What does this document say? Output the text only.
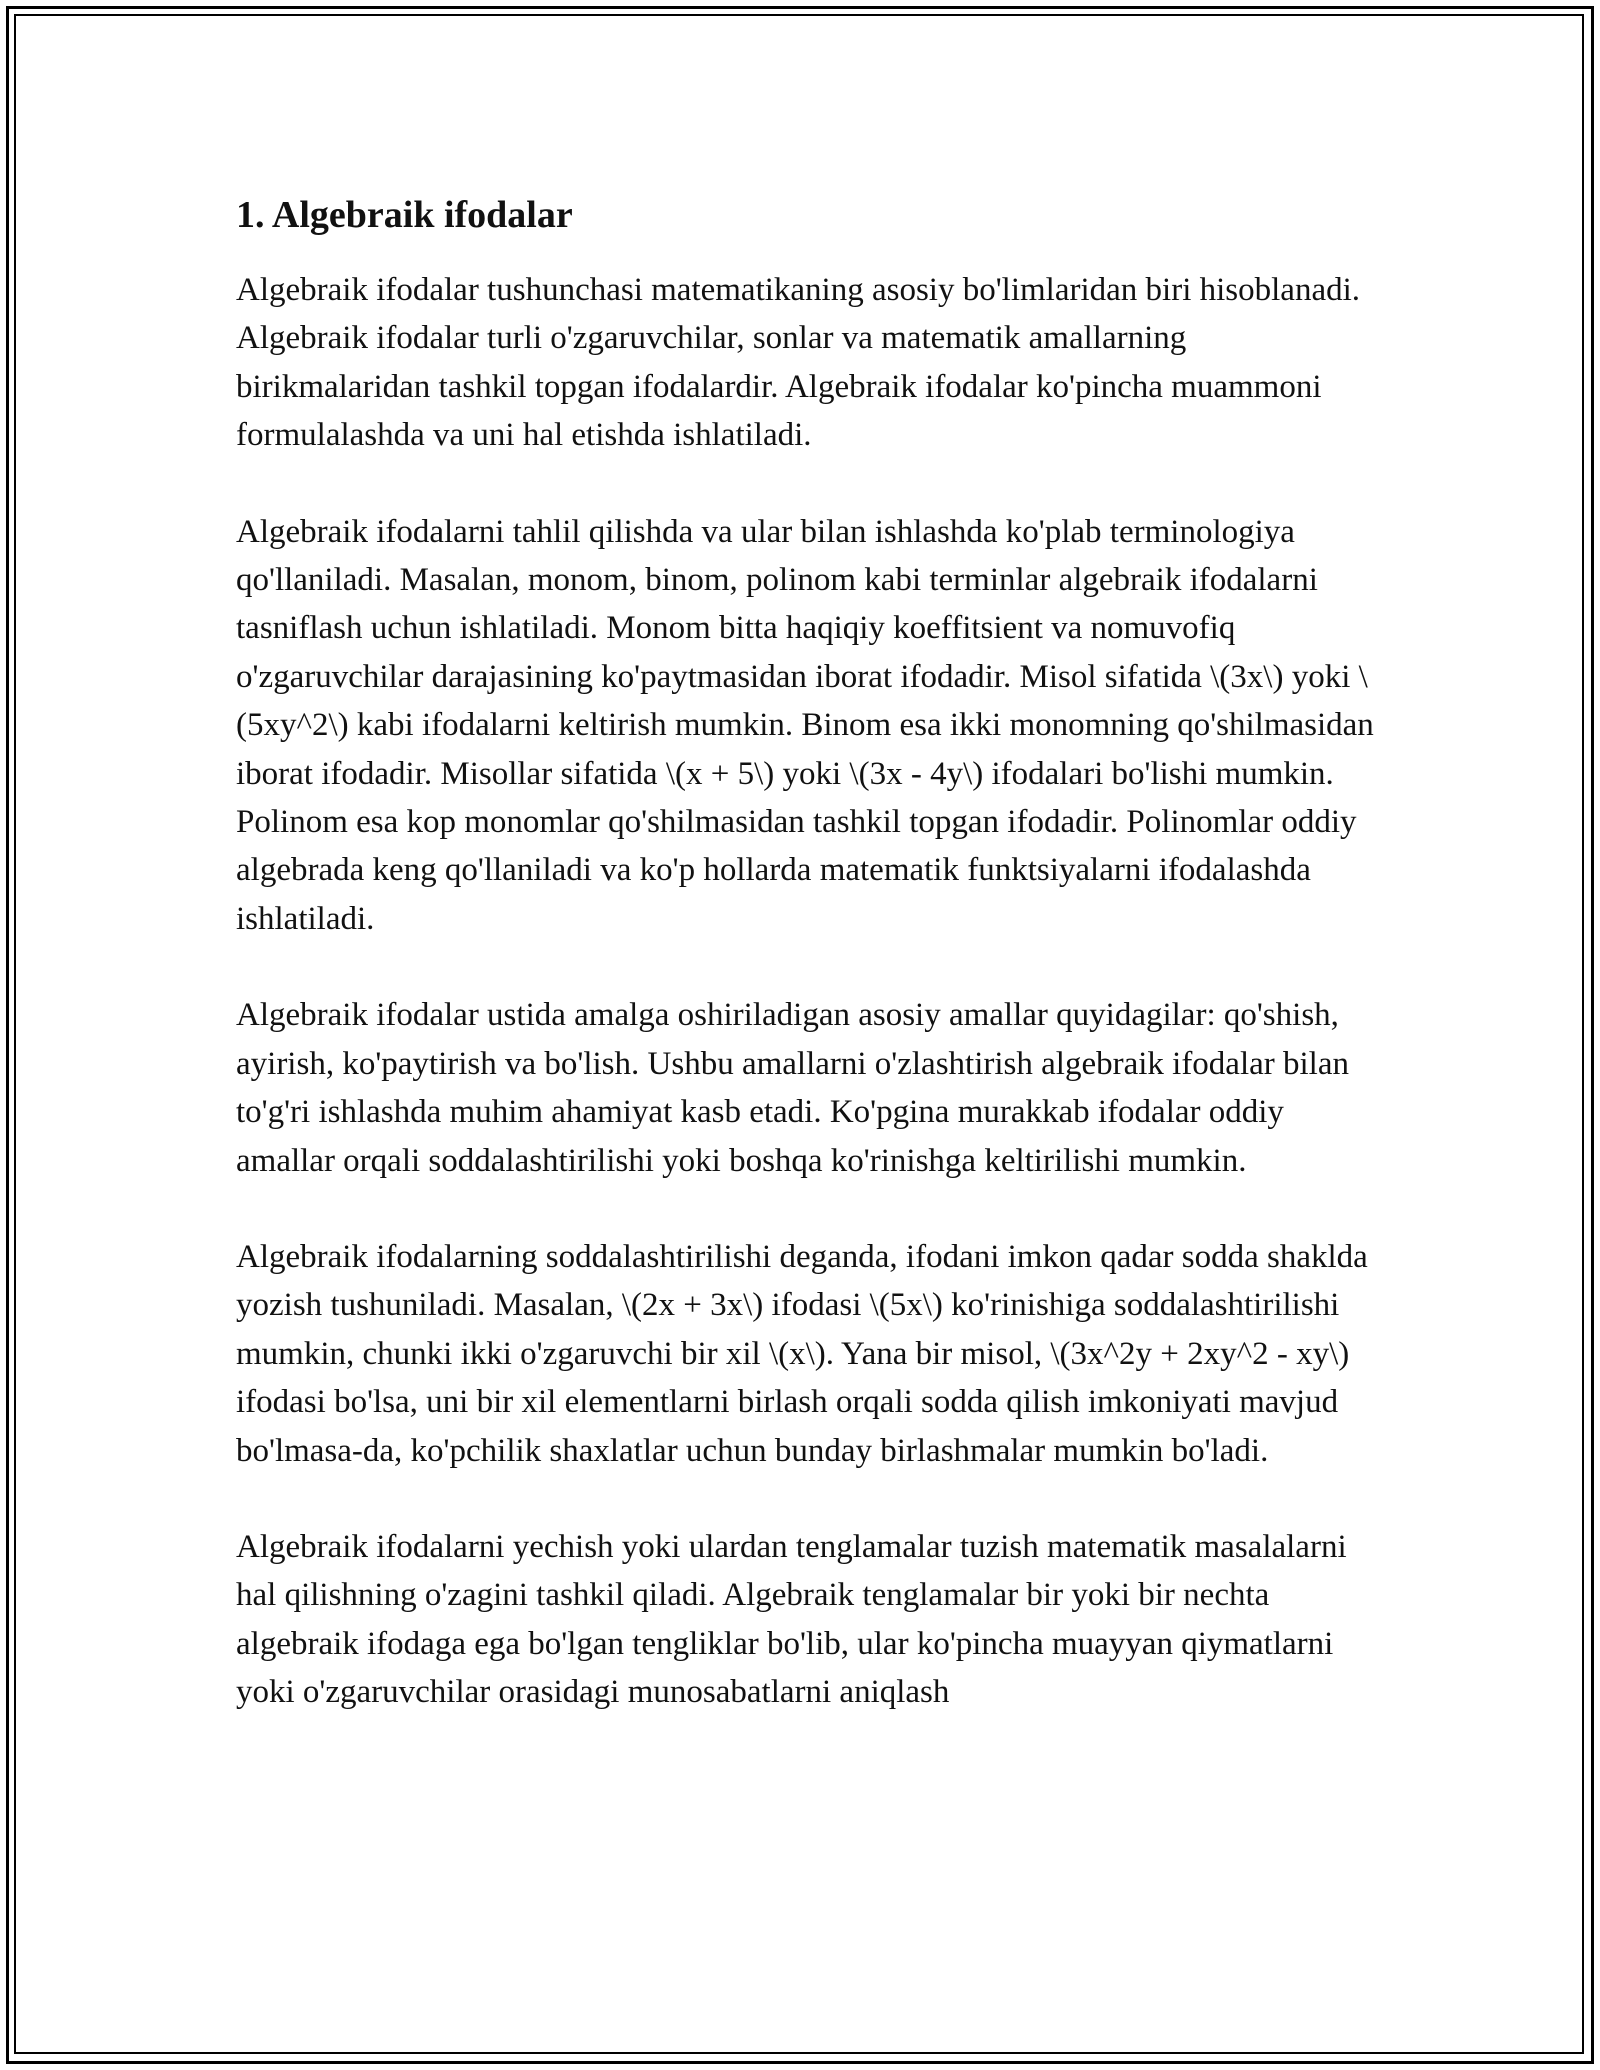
1. Algebraik ifodalar

Algebraik ifodalar tushunchasi matematikaning asosiy bo'limlaridan biri hisoblanadi. Algebraik ifodalar turli o'zgaruvchilar, sonlar va matematik amallarning birikmalaridan tashkil topgan ifodalardir. Algebraik ifodalar ko'pincha muammoni formulalashda va uni hal etishda ishlatiladi.

Algebraik ifodalarni tahlil qilishda va ular bilan ishlashda ko'plab terminologiya qo'llaniladi. Masalan, monom, binom, polinom kabi terminlar algebraik ifodalarni tasniflash uchun ishlatiladi. Monom bitta haqiqiy koeffitsient va nomuvofiq o'zgaruvchilar darajasining ko'paytmasidan iborat ifodadir. Misol sifatida \(3x\) yoki \(5xy^2\) kabi ifodalarni keltirish mumkin. Binom esa ikki monomning qo'shilmasidan iborat ifodadir. Misollar sifatida \(x + 5\) yoki \(3x - 4y\) ifodalari bo'lishi mumkin. Polinom esa kop monomlar qo'shilmasidan tashkil topgan ifodadir. Polinomlar oddiy algebrada keng qo'llaniladi va ko'p hollarda matematik funktsiyalarni ifodalashda ishlatiladi.

Algebraik ifodalar ustida amalga oshiriladigan asosiy amallar quyidagilar: qo'shish, ayirish, ko'paytirish va bo'lish. Ushbu amallarni o'zlashtirish algebraik ifodalar bilan to'g'ri ishlashda muhim ahamiyat kasb etadi. Ko'pgina murakkab ifodalar oddiy amallar orqali soddalashtirilishi yoki boshqa ko'rinishga keltirilishi mumkin.

Algebraik ifodalarning soddalashtirilishi deganda, ifodani imkon qadar sodda shaklda yozish tushuniladi. Masalan, \(2x + 3x\) ifodasi \(5x\) ko'rinishiga soddalashtirilishi mumkin, chunki ikki o'zgaruvchi bir xil \(x\). Yana bir misol, \(3x^2y + 2xy^2 - xy\) ifodasi bo'lsa, uni bir xil elementlarni birlash orqali sodda qilish imkoniyati mavjud bo'lmasa-da, ko'pchilik shaxlatlar uchun bunday birlashmalar mumkin bo'ladi.

Algebraik ifodalarni yechish yoki ulardan tenglamalar tuzish matematik masalalarni hal qilishning o'zagini tashkil qiladi. Algebraik tenglamalar bir yoki bir nechta algebraik ifodaga ega bo'lgan tengliklar bo'lib, ular ko'pincha muayyan qiymatlarni yoki o'zgaruvchilar orasidagi munosabatlarni aniqlash
